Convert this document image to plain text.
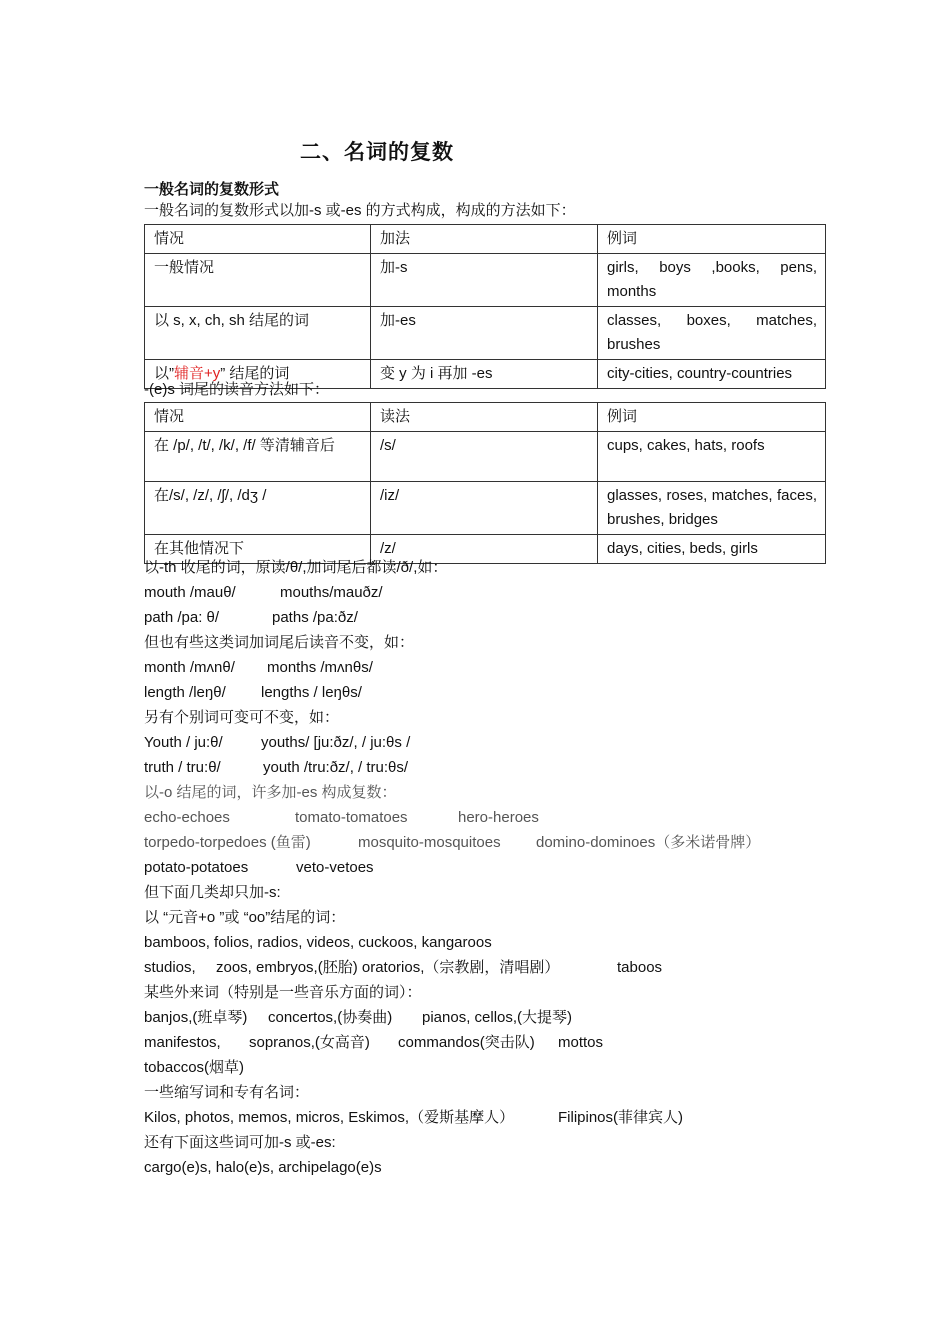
二、名词的复数
一般名词的复数形式
一般名词的复数形式以加-s 或-es 的方式构成，构成的方法如下：
情况	加法	例词
一般情况	加-s	girls, boys ,books, pens, months
以 s, x, ch, sh 结尾的词	加-es	classes, boxes, matches, brushes
以”辅音+y” 结尾的词	变 y 为 i 再加 -es	city-cities, country-countries
-(e)s 词尾的读音方法如下：
情况	读法	例词
在 /p/, /t/, /k/, /f/ 等清辅音后	/s/	cups, cakes, hats, roofs
在/s/, /z/, /ʃ/, /dʒ /	/iz/	glasses, roses, matches, faces, brushes, bridges
在其他情况下	/z/	days, cities, beds, girls
以-th 收尾的词，原读/θ/,加词尾后都读/ð/,如：
mouth /mauθ/	mouths/mauðz/
path /pa: θ/	paths /pa:ðz/
但也有些这类词加词尾后读音不变，如：
month /mʌnθ/ months /mʌnθs/
length /leŋθ/ lengths / leŋθs/
另有个别词可变可不变，如：
Youth / ju:θ/	youths/ [ju:ðz/, / ju:θs /
truth / tru:θ/	youth /tru:ðz/, / tru:θs/
以-o 结尾的词，许多加-es 构成复数：
echo-echoes	tomato-tomatoes	hero-heroes
torpedo-torpedoes (鱼雷)	mosquito-mosquitoes domino-dominoes（多米诺骨牌）
potato-potatoes	veto-vetoes
但下面几类却只加-s:
以 “元音+o ”或 “oo”结尾的词：
bamboos, folios, radios, videos, cuckoos, kangaroos
studios, zoos, embryos,(胚胎) oratorios,（宗教剧，清唱剧）	taboos
某些外来词（特别是一些音乐方面的词）：
banjos,(班卓琴) concertos,(协奏曲) pianos, cellos,(大提琴)
manifestos, sopranos,(女高音) commandos(突击队) mottos
tobaccos(烟草)
一些缩写词和专有名词：
Kilos, photos, memos, micros, Eskimos,（爱斯基摩人）	Filipinos(菲律宾人)
还有下面这些词可加-s 或-es:
cargo(e)s, halo(e)s, archipelago(e)s
